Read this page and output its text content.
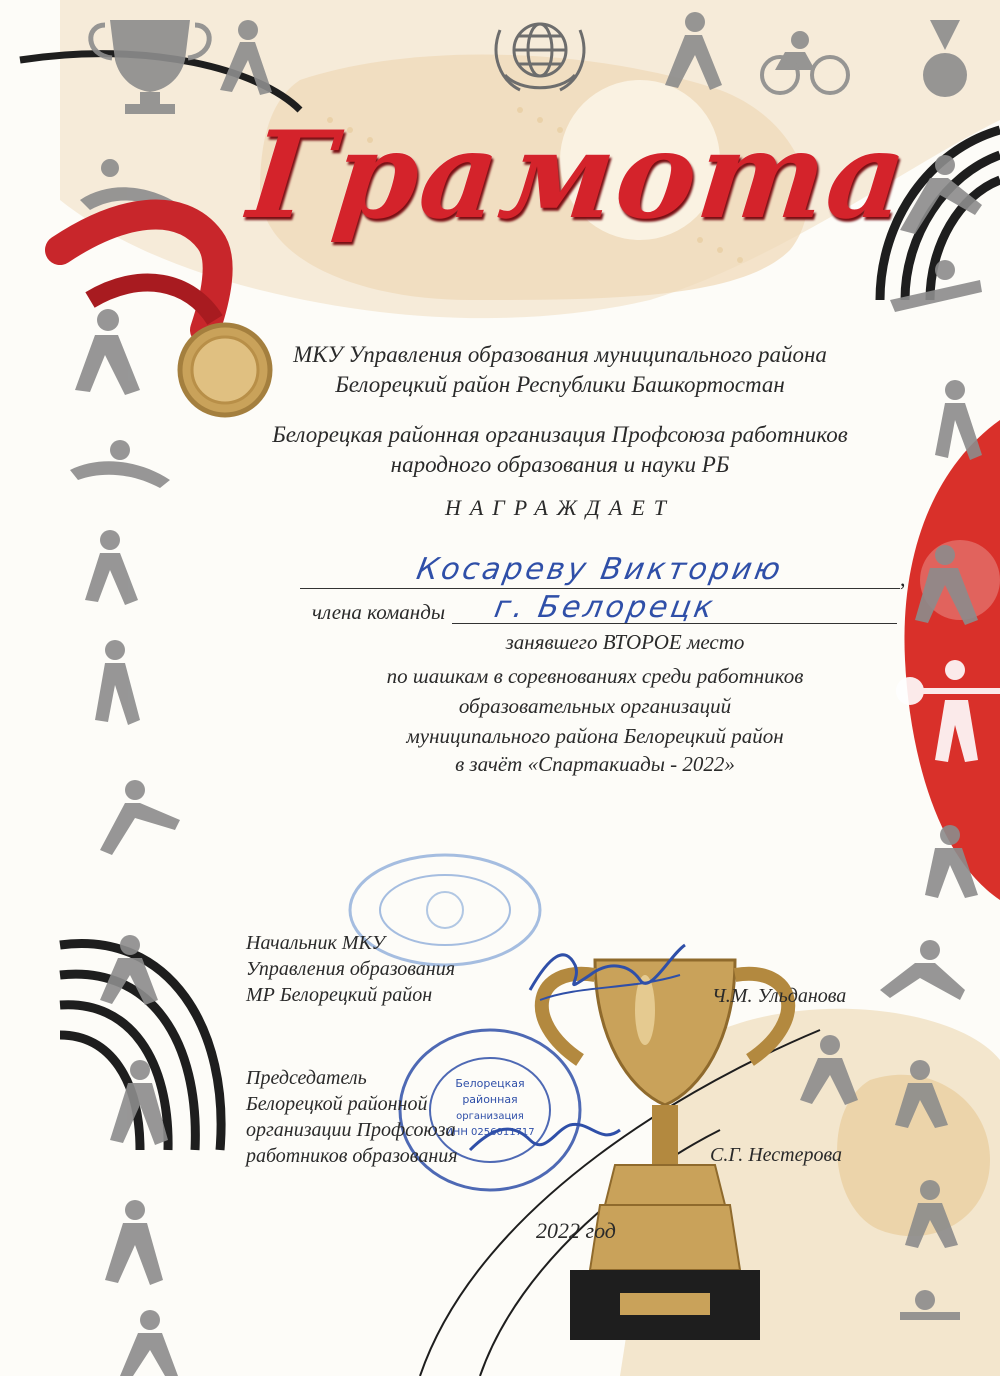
Белорецкая
районная
организация
ИНН 0256011717
Грамота
МКУ Управления образования муниципального района
Белорецкий район Республики Башкортостан
Белорецкая районная организация Профсоюза работников
народного образования и науки РБ
НАГРАЖДАЕТ
Косареву Викторию	,
члена команды	г. Белорецк
занявшего ВТОРОЕ место
по шашкам в соревнованиях среди работников
образовательных организаций
муниципального района Белорецкий район
в зачёт «Спартакиады - 2022»
Начальник МКУ
Управления образования
МР Белорецкий район	Ч.М. Ульданова
Председатель
Белорецкой районной
организации Профсоюза
работников образования	С.Г. Нестерова
2022 год
